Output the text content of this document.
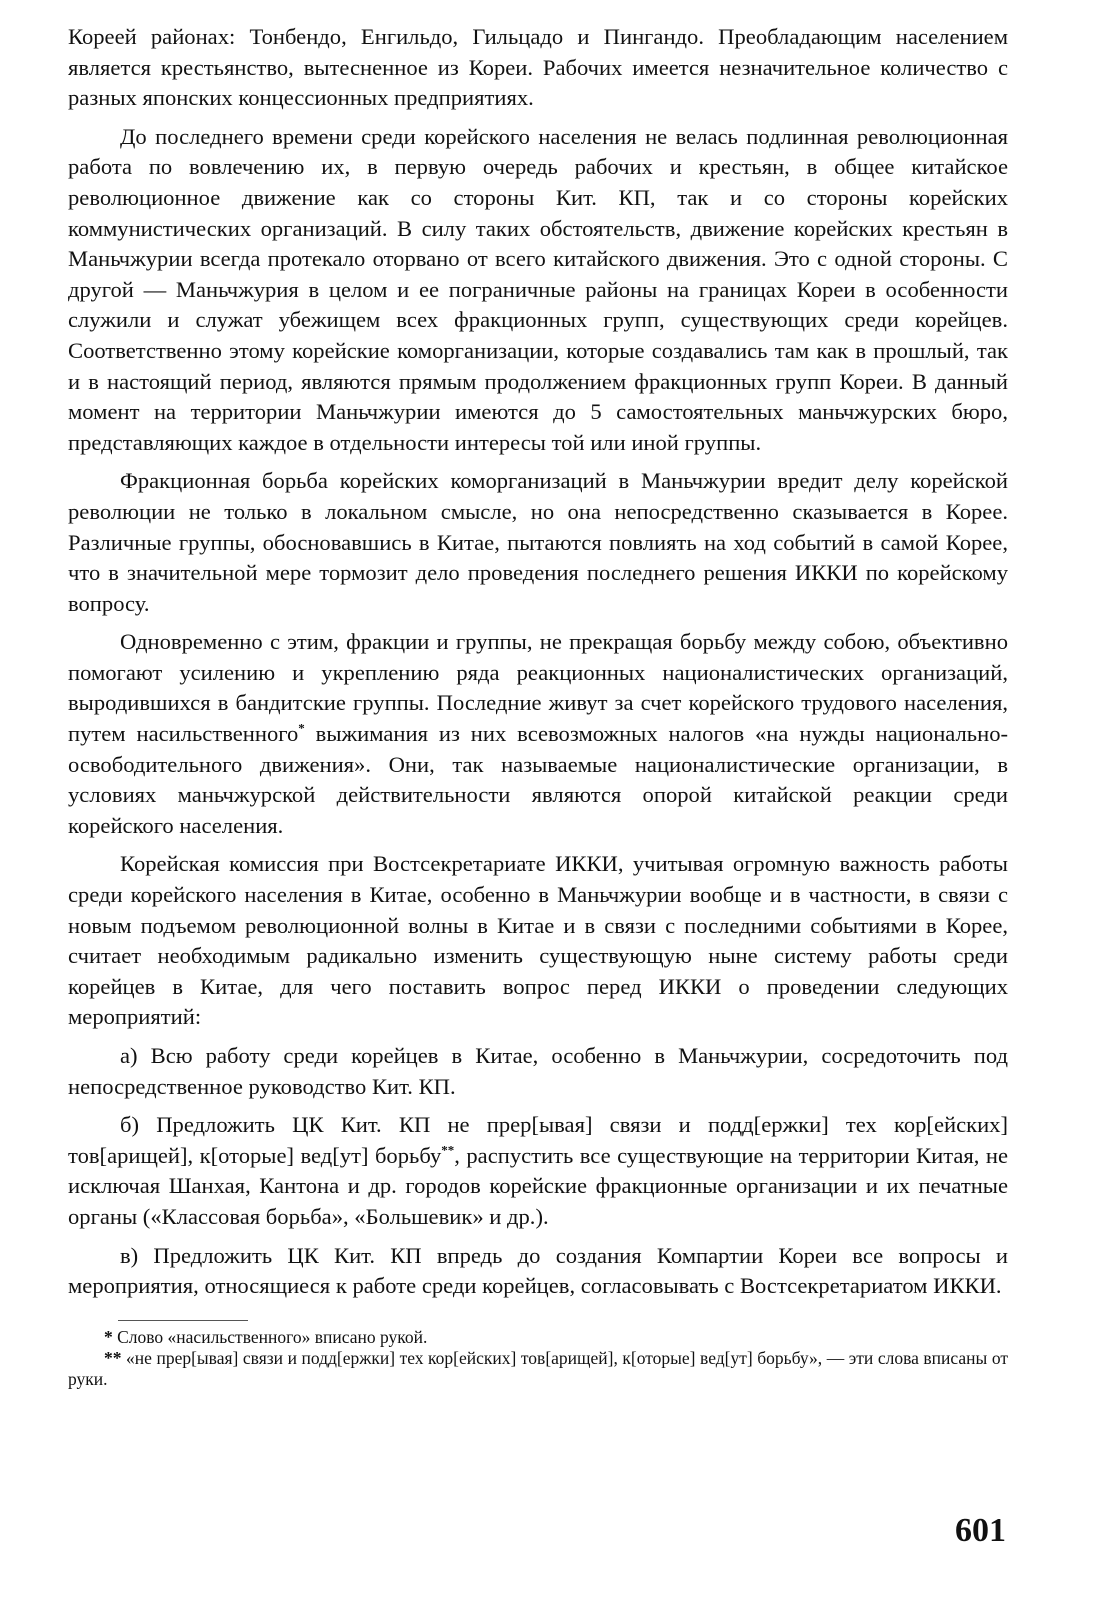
Кореей районах: Тонбендо, Енгильдо, Гильцадо и Пингандо. Преобладающим населением является крестьянство, вытесненное из Кореи. Рабочих имеется незначительное количество с разных японских концессионных предприятиях.

До последнего времени среди корейского населения не велась подлинная революционная работа по вовлечению их, в первую очередь рабочих и крестьян, в общее китайское революционное движение как со стороны Кит. КП, так и со стороны корейских коммунистических организаций. В силу таких обстоятельств, движение корейских крестьян в Маньчжурии всегда протекало оторвано от всего китайского движения. Это с одной стороны. С другой — Маньчжурия в целом и ее пограничные районы на границах Кореи в особенности служили и служат убежищем всех фракционных групп, существующих среди корейцев. Соответственно этому корейские коморганизации, которые создавались там как в прошлый, так и в настоящий период, являются прямым продолжением фракционных групп Кореи. В данный момент на территории Маньчжурии имеются до 5 самостоятельных маньчжурских бюро, представляющих каждое в отдельности интересы той или иной группы.

Фракционная борьба корейских коморганизаций в Маньчжурии вредит делу корейской революции не только в локальном смысле, но она непосредственно сказывается в Корее. Различные группы, обосновавшись в Китае, пытаются повлиять на ход событий в самой Корее, что в значительной мере тормозит дело проведения последнего решения ИККИ по корейскому вопросу.

Одновременно с этим, фракции и группы, не прекращая борьбу между собою, объективно помогают усилению и укреплению ряда реакционных националистических организаций, выродившихся в бандитские группы. Последние живут за счет корейского трудового населения, путем насильственного* выжимания из них всевозможных налогов «на нужды национально-освободительного движения». Они, так называемые националистические организации, в условиях маньчжурской действительности являются опорой китайской реакции среди корейского населения.

Корейская комиссия при Востсекретариате ИККИ, учитывая огромную важность работы среди корейского населения в Китае, особенно в Маньчжурии вообще и в частности, в связи с новым подъемом революционной волны в Китае и в связи с последними событиями в Корее, считает необходимым радикально изменить существующую ныне систему работы среди корейцев в Китае, для чего поставить вопрос перед ИККИ о проведении следующих мероприятий:

а) Всю работу среди корейцев в Китае, особенно в Маньчжурии, сосредоточить под непосредственное руководство Кит. КП.

б) Предложить ЦК Кит. КП не прер[ывая] связи и подд[ержки] тех кор[ейских] тов[арищей], к[оторые] вед[ут] борьбу**, распустить все существующие на территории Китая, не исключая Шанхая, Кантона и др. городов корейские фракционные организации и их печатные органы («Классовая борьба», «Большевик» и др.).

в) Предложить ЦК Кит. КП впредь до создания Компартии Кореи все вопросы и мероприятия, относящиеся к работе среди корейцев, согласовывать с Востсекретариатом ИККИ.

* Слово «насильственного» вписано рукой.

** «не прер[ывая] связи и подд[ержки] тех кор[ейских] тов[арищей], к[оторые] вед[ут] борьбу», — эти слова вписаны от руки.

601
